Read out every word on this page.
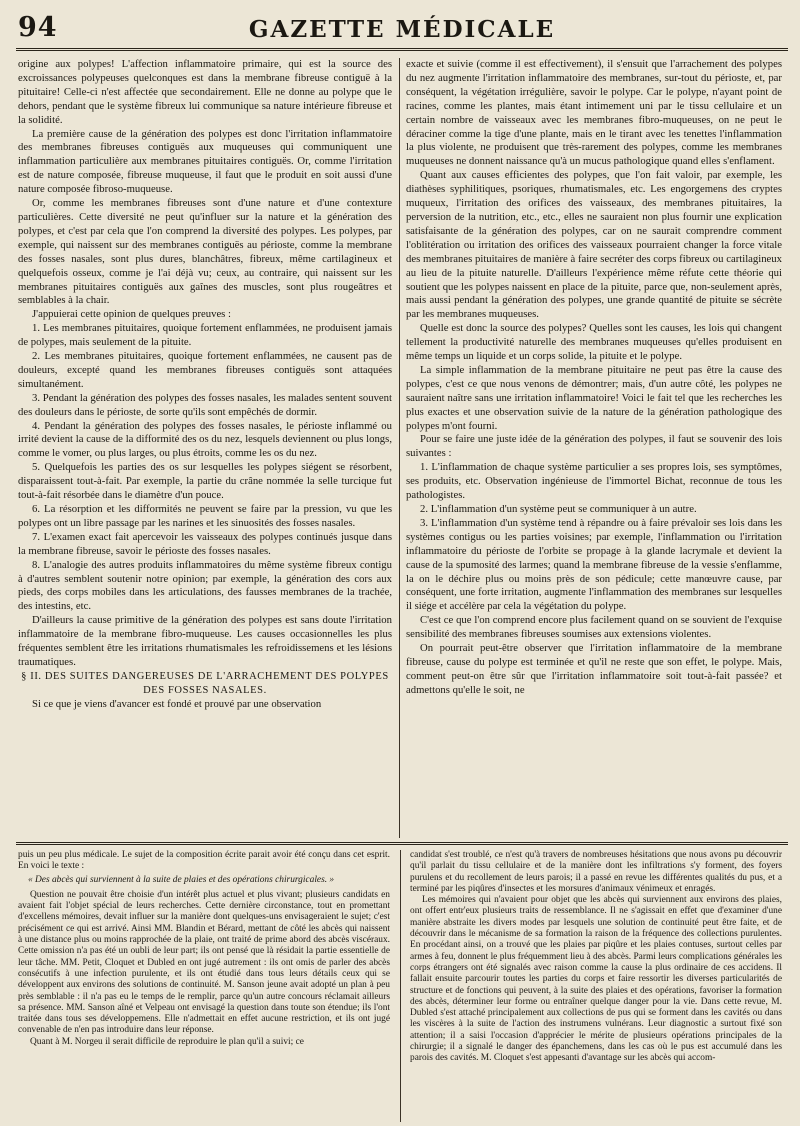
94	GAZETTE MÉDICALE

origine aux polypes! L'affection inflammatoire primaire, qui est la source des excroissances polypeuses quelconques est dans la membrane fibreuse contiguë à la pituitaire! Celle-ci n'est affectée que secondairement. Elle ne donne au polype que le dehors, pendant que le système fibreux lui communique sa nature intérieure fibreuse et la solidité.

La première cause de la génération des polypes est donc l'irritation inflammatoire des membranes fibreuses contiguës aux muqueuses qui communiquent une inflammation particulière aux membranes pituitaires contiguës. Or, comme l'irritation est de nature composée, fibreuse muqueuse, il faut que le produit en soit aussi d'une nature composée fibroso-muqueuse.

Or, comme les membranes fibreuses sont d'une nature et d'une contexture particulières. Cette diversité ne peut qu'influer sur la nature et la génération des polypes, et c'est par cela que l'on comprend la diversité des polypes. Les polypes, par exemple, qui naissent sur des membranes contiguës au périoste, comme la membrane des fosses nasales, sont plus dures, blanchâtres, fibreux, même cartilagineux et quelquefois osseux, comme je l'ai déjà vu; ceux, au contraire, qui naissent sur les membranes pituitaires contiguës aux gaînes des muscles, sont plus rougeâtres et semblables à la chair.

J'appuierai cette opinion de quelques preuves :

1. Les membranes pituitaires, quoique fortement enflammées, ne produisent jamais de polypes, mais seulement de la pituite.

2. Les membranes pituitaires, quoique fortement enflammées, ne causent pas de douleurs, excepté quand les membranes fibreuses contiguës sont attaquées simultanément.

3. Pendant la génération des polypes des fosses nasales, les malades sentent souvent des douleurs dans le périoste, de sorte qu'ils sont empêchés de dormir.

4. Pendant la génération des polypes des fosses nasales, le périoste inflammé ou irrité devient la cause de la difformité des os du nez, lesquels deviennent ou plus longs, comme le vomer, ou plus larges, ou plus étroits, comme les os du nez.

5. Quelquefois les parties des os sur lesquelles les polypes siégent se résorbent, disparaissent tout-à-fait. Par exemple, la partie du crâne nommée la selle turcique fut tout-à-fait résorbée dans le diamètre d'un pouce.

6. La résorption et les difformités ne peuvent se faire par la pression, vu que les polypes ont un libre passage par les narines et les sinuosités des fosses nasales.

7. L'examen exact fait apercevoir les vaisseaux des polypes continués jusque dans la membrane fibreuse, savoir le périoste des fosses nasales.

8. L'analogie des autres produits inflammatoires du même système fibreux contigu à d'autres semblent soutenir notre opinion; par exemple, la génération des cors aux pieds, des corps mobiles dans les articulations, des fausses membranes de la trachée, des intestins, etc.

D'ailleurs la cause primitive de la génération des polypes est sans doute l'irritation inflammatoire de la membrane fibro-muqueuse. Les causes occasionnelles les plus fréquentes semblent être les irritations rhumatismales les refroidissemens et les lésions traumatiques.

§ II. DES SUITES DANGEREUSES DE L'ARRACHEMENT DES POLYPES DES FOSSES NASALES.

Si ce que je viens d'avancer est fondé et prouvé par une observation

exacte et suivie (comme il est effectivement), il s'ensuit que l'arrachement des polypes du nez augmente l'irritation inflammatoire des membranes, sur-tout du périoste, et, par conséquent, la végétation irrégulière, savoir le polype. Car le polype, n'ayant point de racines, comme les plantes, mais étant intimement uni par le tissu cellulaire et un certain nombre de vaisseaux avec les membranes fibro-muqueuses, on ne peut le déraciner comme la tige d'une plante, mais en le tirant avec les tenettes l'inflammation la plus violente, ne produisent que très-rarement des polypes, comme les membranes muqueuses ne donnent naissance qu'à un mucus pathologique quand elles s'enflament.

Quant aux causes efficientes des polypes, que l'on fait valoir, par exemple, les diathèses syphilitiques, psoriques, rhumatismales, etc. Les engorgemens des cryptes muqueux, l'irritation des orifices des vaisseaux, des membranes pituitaires, la perversion de la nutrition, etc., etc., elles ne sauraient non plus fournir une explication satisfaisante de la génération des polypes, car on ne saurait comprendre comment l'oblitération ou irritation des orifices des vaisseaux pourraient changer la force vitale des membranes pituitaires de manière à faire secréter des corps fibreux ou cartilagineux au lieu de la pituite naturelle. D'ailleurs l'expérience même réfute cette théorie qui soutient que les polypes naissent en place de la pituite, parce que, non-seulement après, mais aussi pendant la génération des polypes, une grande quantité de pituite se sécrète par les membranes muqueuses.

Quelle est donc la source des polypes? Quelles sont les causes, les lois qui changent tellement la productivité naturelle des membranes muqueuses qu'elles produisent en même temps un liquide et un corps solide, la pituite et le polype.

La simple inflammation de la membrane pituitaire ne peut pas être la cause des polypes, c'est ce que nous venons de démontrer; mais, d'un autre côté, les polypes ne sauraient naître sans une irritation inflammatoire! Voici le fait tel que les recherches les plus exactes et une observation suivie de la nature de la génération pathologique des polypes m'ont fourni.

Pour se faire une juste idée de la génération des polypes, il faut se souvenir des lois suivantes :

1. L'inflammation de chaque système particulier a ses propres lois, ses symptômes, ses produits, etc. Observation ingénieuse de l'immortel Bichat, reconnue de tous les pathologistes.

2. L'inflammation d'un système peut se communiquer à un autre.

3. L'inflammation d'un système tend à répandre ou à faire prévaloir ses lois dans les systèmes contigus ou les parties voisines; par exemple, l'inflammation ou l'irritation inflammatoire du périoste de l'orbite se propage à la glande lacrymale et devient la cause de la spumosité des larmes; quand la membrane fibreuse de la vessie s'enflamme, la on le déchire plus ou moins près de son pédicule; cette manœuvre cause, par conséquent, une forte irritation, augmente l'inflammation des membranes sur lesquelles il siége et accélère par cela la végétation du polype.

C'est ce que l'on comprend encore plus facilement quand on se souvient de l'exquise sensibilité des membranes fibreuses soumises aux extensions violentes.

On pourrait peut-être observer que l'irritation inflammatoire de la membrane fibreuse, cause du polype est terminée et qu'il ne reste que son effet, le polype. Mais, comment peut-on être sûr que l'irritation inflammatoire soit tout-à-fait passée? et admettons qu'elle le soit, ne

puis un peu plus médicale. Le sujet de la composition écrite parait avoir été conçu dans cet esprit. En voici le texte :

« Des abcès qui surviennent à la suite de plaies et des opérations chirurgicales. »

Question ne pouvait être choisie d'un intérêt plus actuel et plus vivant; plusieurs candidats en avaient fait l'objet spécial de leurs recherches. Cette dernière circonstance, tout en promettant d'excellens mémoires, devait influer sur la manière dont quelques-uns envisageraient le sujet; c'est précisément ce qui est arrivé. Ainsi MM. Blandin et Bérard, mettant de côté les abcès qui naissent à une distance plus ou moins rapprochée de la plaie, ont traité de prime abord des abcès viscéraux. Cette omission n'a pas été un oubli de leur part; ils ont pensé que là résidait la partie essentielle de leur tâche. MM. Petit, Cloquet et Dubled en ont jugé autrement : ils ont omis de parler des abcès consécutifs à une infection purulente, et ils ont étudié dans tous leurs détails ceux qui se développent aux environs des solutions de continuité. M. Sanson jeune avait adopté un plan à peu près semblable : il n'a pas eu le temps de le remplir, parce qu'un autre concours réclamait ailleurs sa présence. MM. Sanson aîné et Velpeau ont envisagé la question dans toute son étendue; ils l'ont traitée dans tous ses développemens. Elle n'admettait en effet aucune restriction, et ils ont jugé convenable de n'en pas introduire dans leur réponse.

Quant à M. Norgeu il serait difficile de reproduire le plan qu'il a suivi; ce

candidat s'est troublé, ce n'est qu'à travers de nombreuses hésitations que nous avons pu découvrir qu'il parlait du tissu cellulaire et de la manière dont les infiltrations s'y forment, des foyers purulens et du recollement de leurs parois; il a passé en revue les différentes qualités du pus, et a terminé par les piqûres d'insectes et les morsures d'animaux vénimeux et enragés.

Les mémoires qui n'avaient pour objet que les abcès qui surviennent aux environs des plaies, ont offert entr'eux plusieurs traits de ressemblance. Il ne s'agissait en effet que d'examiner d'une manière abstraite les divers modes par lesquels une solution de continuité peut être faite, et de découvrir dans le mécanisme de sa formation la raison de la fréquence des collections purulentes. En procédant ainsi, on a trouvé que les plaies par piqûre et les plaies contuses, surtout celles par armes à feu, donnent le plus fréquemment lieu à des abcès. Parmi leurs complications générales les corps étrangers ont été signalés avec raison comme la cause la plus ordinaire de ces accidens. Il fallait ensuite parcourir toutes les parties du corps et faire ressortir les diverses particularités de structure et de fonctions qui peuvent, à la suite des plaies et des opérations, favoriser la formation des abcès, déterminer leur forme ou entraîner quelque danger pour la vie. Dans cette revue, M. Dubled s'est attaché principalement aux collections de pus qui se forment dans les cavités ou dans les viscères à la suite de l'action des instrumens vulnérans. Leur diagnostic a surtout fixé son attention; il a saisi l'occasion d'apprécier le mérite de plusieurs opérations principales de la chirurgie; il a signalé le danger des épanchemens, dans les cas où le pus est accumulé dans les parois des cavités. M. Cloquet s'est appesanti d'avantage sur les abcès qui accom-
